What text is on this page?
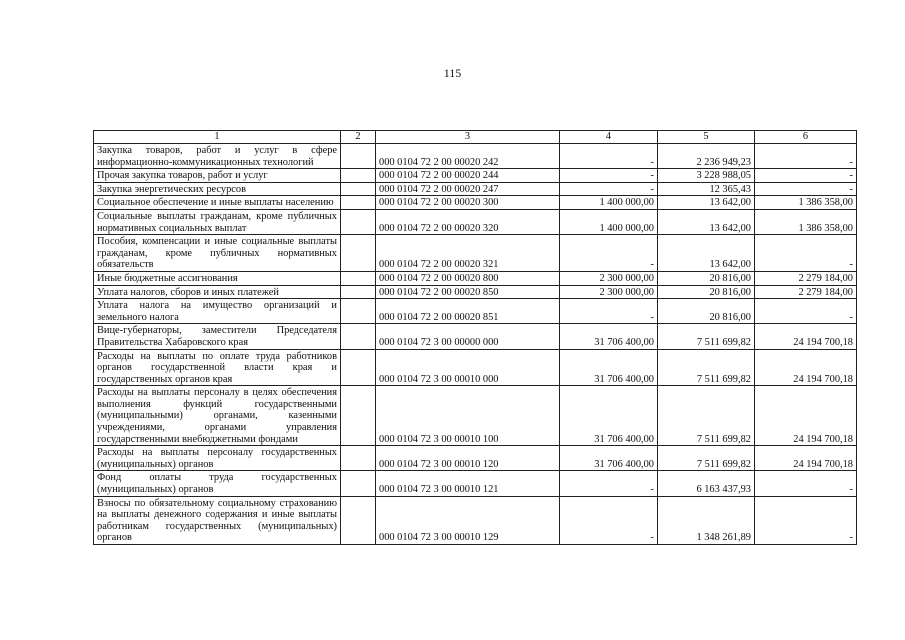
115
1	2	3	4	5	6
Закупка товаров, работ и услуг в сфере информационно-коммуникационных технологий		000 0104 72 2 00 00020 242	-	2 236 949,23	-
Прочая закупка товаров, работ и услуг		000 0104 72 2 00 00020 244	-	3 228 988,05	-
Закупка энергетических ресурсов		000 0104 72 2 00 00020 247	-	12 365,43	-
Социальное обеспечение и иные выплаты населению		000 0104 72 2 00 00020 300	1 400 000,00	13 642,00	1 386 358,00
Социальные выплаты гражданам, кроме публичных нормативных социальных выплат		000 0104 72 2 00 00020 320	1 400 000,00	13 642,00	1 386 358,00
Пособия, компенсации и иные социальные выплаты гражданам, кроме публичных нормативных обязательств		000 0104 72 2 00 00020 321	-	13 642,00	-
Иные бюджетные ассигнования		000 0104 72 2 00 00020 800	2 300 000,00	20 816,00	2 279 184,00
Уплата налогов, сборов и иных платежей		000 0104 72 2 00 00020 850	2 300 000,00	20 816,00	2 279 184,00
Уплата налога на имущество организаций и земельного налога		000 0104 72 2 00 00020 851	-	20 816,00	-
Вице-губернаторы, заместители Председателя Правительства Хабаровского края		000 0104 72 3 00 00000 000	31 706 400,00	7 511 699,82	24 194 700,18
Расходы на выплаты по оплате труда работников органов государственной власти края и государственных органов края		000 0104 72 3 00 00010 000	31 706 400,00	7 511 699,82	24 194 700,18
Расходы на выплаты персоналу в целях обеспечения выполнения функций государственными (муниципальными) органами, казенными учреждениями, органами управления государственными внебюджетными фондами		000 0104 72 3 00 00010 100	31 706 400,00	7 511 699,82	24 194 700,18
Расходы на выплаты персоналу государственных (муниципальных) органов		000 0104 72 3 00 00010 120	31 706 400,00	7 511 699,82	24 194 700,18
Фонд оплаты труда государственных (муниципальных) органов		000 0104 72 3 00 00010 121	-	6 163 437,93	-
Взносы по обязательному социальному страхованию на выплаты денежного содержания и иные выплаты работникам государственных (муниципальных) органов		000 0104 72 3 00 00010 129	-	1 348 261,89	-
